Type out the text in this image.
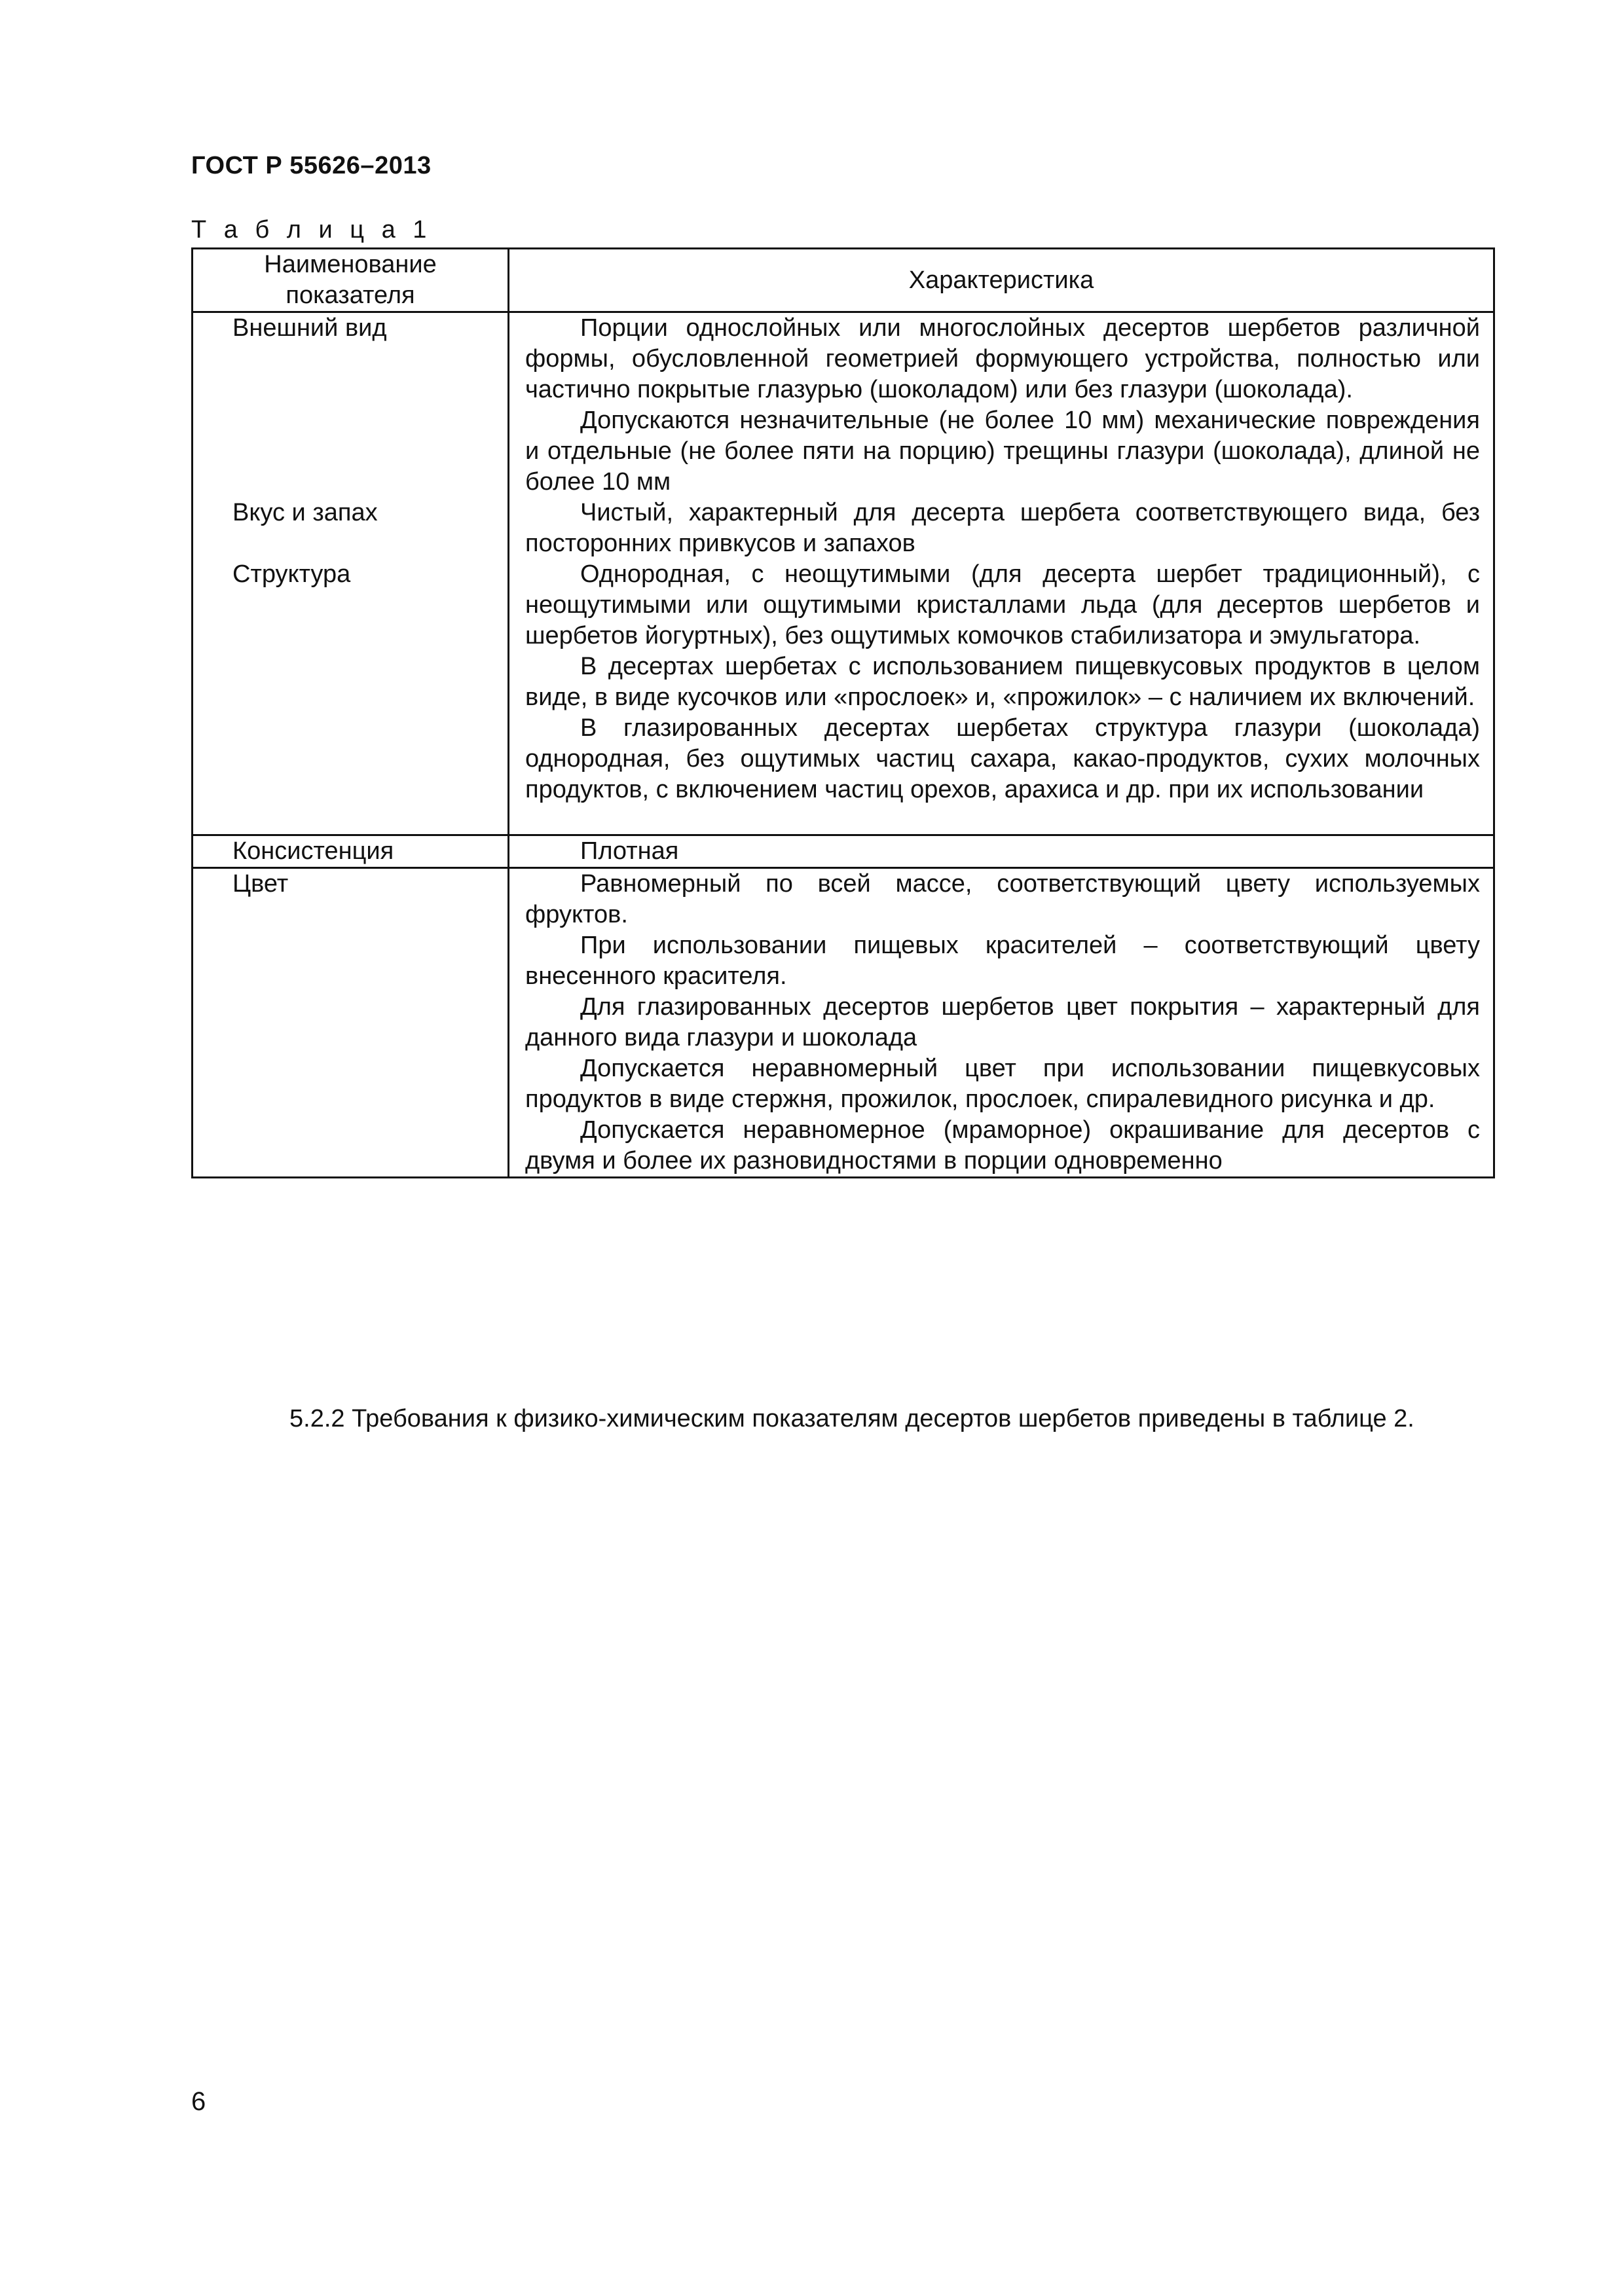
ГОСТ Р 55626–2013
Т а б л и ц а 1
Наименование показателя	Характеристика
Внешний вид	Порции однослойных или многослойных десертов шербетов различной формы, обусловленной геометрией формующего устройства, полностью или частично покрытые глазурью (шоколадом) или без глазури (шоколада).

Допускаются незначительные (не более 10 мм) механические повреждения и отдельные (не более пяти на порцию) трещины глазури (шоколада), длиной не более 10 мм

Вкус и запах	Чистый, характерный для десерта шербета соответствующего вида, без посторонних привкусов и запахов

Структура	Однородная, с неощутимыми (для десерта шербет традиционный), с неощутимыми или ощутимыми кристаллами льда (для десертов шербетов и шербетов йогуртных), без ощутимых комочков стабилизатора и эмульгатора.

В десертах шербетах с использованием пищевкусовых продуктов в целом виде, в виде кусочков или «прослоек» и, «прожилок» – с наличием их включений.

В глазированных десертах шербетах структура глазури (шоколада) однородная, без ощутимых частиц сахара, какао-продуктов, сухих молочных продуктов, с включением частиц орехов, арахиса и др. при их использовании

Консистенция	Плотная

Цвет	Равномерный по всей массе, соответствующий цвету используемых фруктов.

При использовании пищевых красителей – соответствующий цвету внесенного красителя.

Для глазированных десертов шербетов цвет покрытия – характерный для данного вида глазури и шоколада

Допускается неравномерный цвет при использовании пищевкусовых продуктов в виде стержня, прожилок, прослоек, спиралевидного рисунка и др.

Допускается неравномерное (мраморное) окрашивание для десертов с двумя и более их разновидностями в порции одновременно

5.2.2 Требования к физико-химическим показателям десертов шербетов приведены в таблице 2.

6
